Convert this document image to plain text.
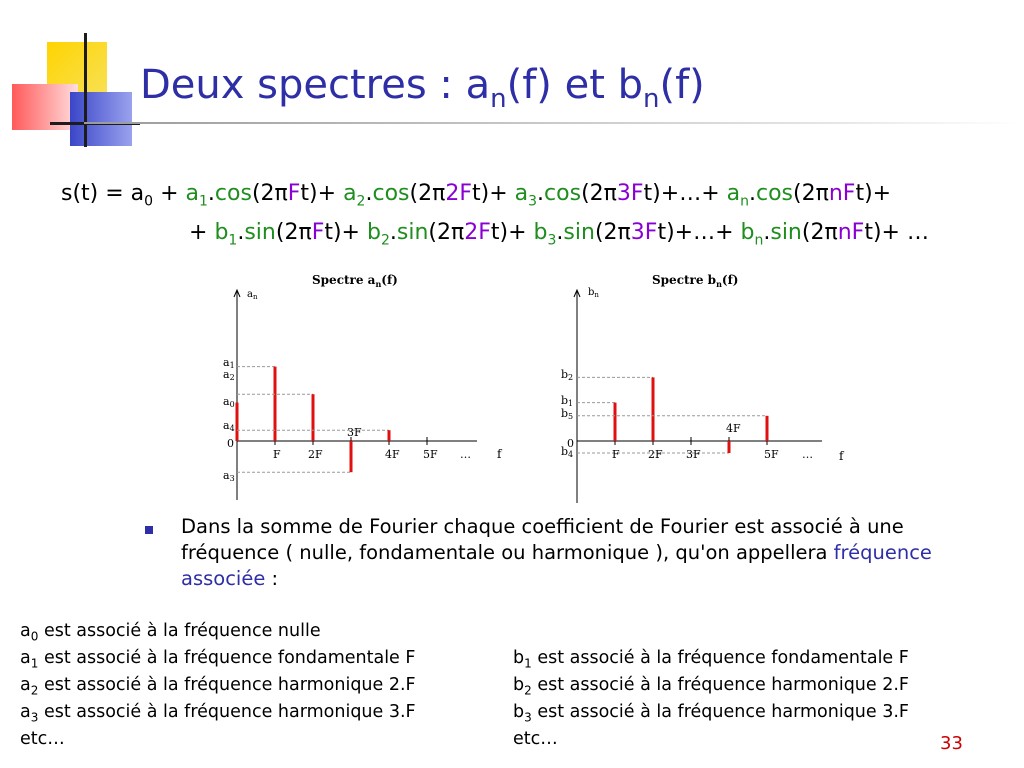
Deux spectres : $a_n(f)$ et $b_n(f)$
$s(t) = a_0 + a_1.\cos(2\pi Ft)+ a_2.\cos(2\pi 2Ft)+$ $a_3.\cos(2\pi 3Ft)+\dots+ a_n.\cos(2\pi nFt)+$
+ $b_1.\sin(2\pi Ft)+ b_2.\sin(2\pi 2Ft)+$ $b_3.\sin(2\pi 3Ft)+\dots+ b_n.\sin(2\pi nFt)+$ …
Spectre $a_n(f)$
$a_n$
a1
a2
a0
a4
a3
0
F 2F
3F
4F 5F … f
Spectre $b_n(f)$
$b_n$
b2
b1
b5
b4
0
F	2F 3F
4F
5F … f
Dans la somme de Fourier chaque coefficient de Fourier est associé à une fréquence ( nulle, fondamentale ou harmonique ), qu'on appellera fréquence associée :
$a_0$ est associé à la fréquence nulle
$a_1$ est associé à la fréquence fondamentale F
$a_2$ est associé à la fréquence harmonique 2.F
$a_3$ est associé à la fréquence harmonique 3.F
etc…
$b_1$ est associé à la fréquence fondamentale F
$b_2$ est associé à la fréquence harmonique 2.F
$b_3$ est associé à la fréquence harmonique 3.F
etc…	33
